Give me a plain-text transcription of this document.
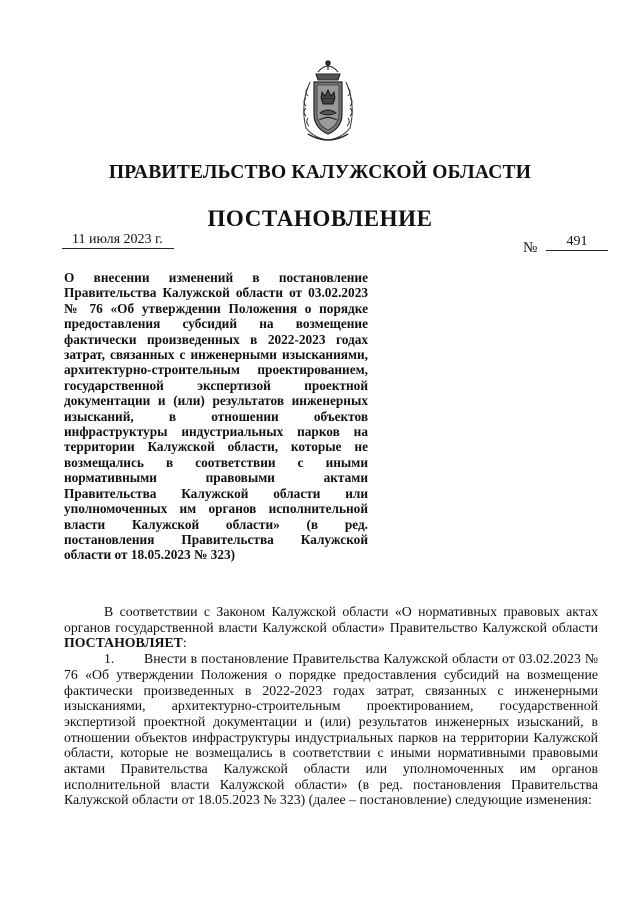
ПРАВИТЕЛЬСТВО КАЛУЖСКОЙ ОБЛАСТИ
ПОСТАНОВЛЕНИЕ
11 июля 2023 г.
№	491
О внесении изменений в постановление Правительства Калужской области от 03.02.2023 № 76 «Об утверждении Положения о порядке предоставления субсидий на возмещение фактически произведенных в 2022-2023 годах затрат, связанных с инженерными изысканиями, архитектурно-строительным проектированием, государственной экспертизой проектной документации и (или) результатов инженерных изысканий, в отношении объектов инфраструктуры индустриальных парков на территории Калужской области, которые не возмещались в соответствии с иными нормативными правовыми актами Правительства Калужской области или уполномоченных им органов исполнительной власти Калужской области» (в ред. постановления Правительства Калужской области от 18.05.2023 № 323)

В соответствии с Законом Калужской области «О нормативных правовых актах органов государственной власти Калужской области» Правительство Калужской области ПОСТАНОВЛЯЕТ:

1. Внести в постановление Правительства Калужской области от 03.02.2023 № 76 «Об утверждении Положения о порядке предоставления субсидий на возмещение фактически произведенных в 2022-2023 годах затрат, связанных с инженерными изысканиями, архитектурно-строительным проектированием, государственной экспертизой проектной документации и (или) результатов инженерных изысканий, в отношении объектов инфраструктуры индустриальных парков на территории Калужской области, которые не возмещались в соответствии с иными нормативными правовыми актами Правительства Калужской области или уполномоченных им органов исполнительной власти Калужской области» (в ред. постановления Правительства Калужской области от 18.05.2023 № 323) (далее – постановление) следующие изменения:
